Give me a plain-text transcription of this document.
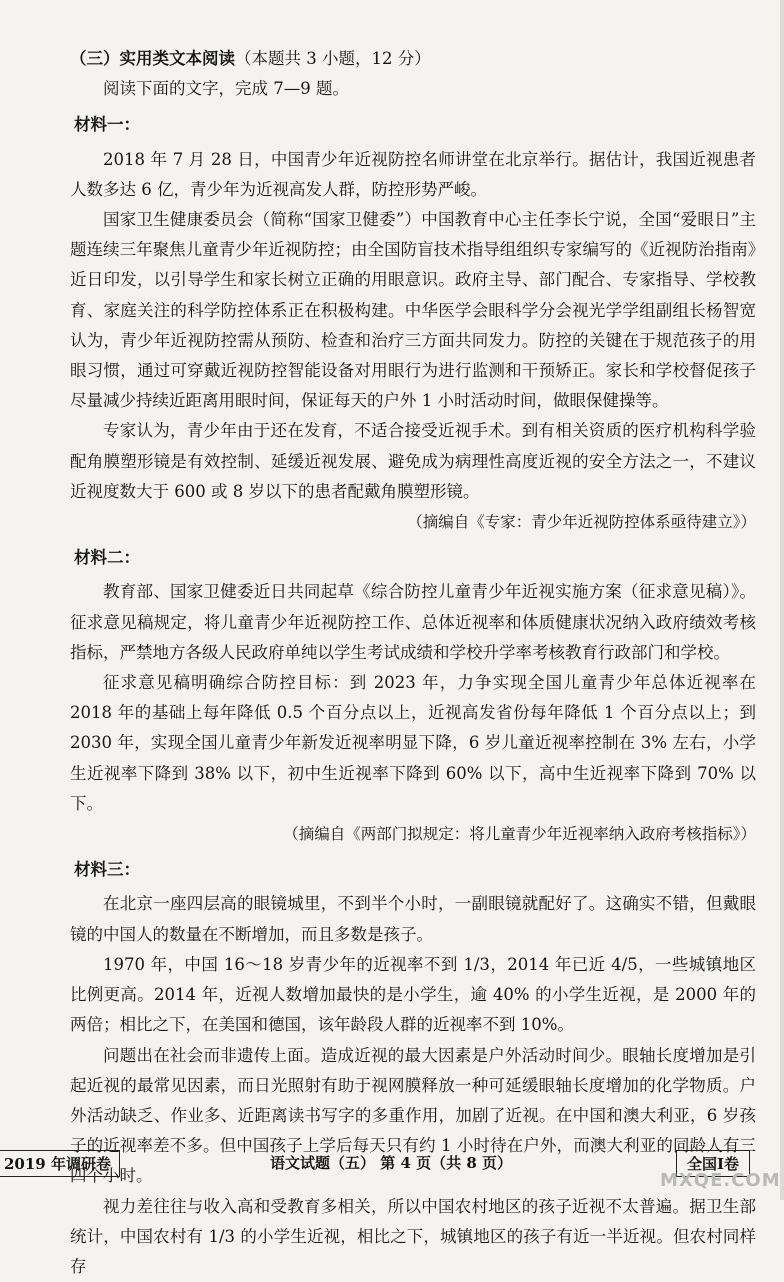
（三）实用类文本阅读（本题共 3 小题，12 分）

阅读下面的文字，完成 7—9 题。

材料一：

2018 年 7 月 28 日，中国青少年近视防控名师讲堂在北京举行。据估计，我国近视患者人数多达 6 亿，青少年为近视高发人群，防控形势严峻。

国家卫生健康委员会（简称“国家卫健委”）中国教育中心主任李长宁说，全国“爱眼日”主题连续三年聚焦儿童青少年近视防控；由全国防盲技术指导组组织专家编写的《近视防治指南》近日印发，以引导学生和家长树立正确的用眼意识。政府主导、部门配合、专家指导、学校教育、家庭关注的科学防控体系正在积极构建。中华医学会眼科学分会视光学学组副组长杨智宽认为，青少年近视防控需从预防、检查和治疗三方面共同发力。防控的关键在于规范孩子的用眼习惯，通过可穿戴近视防控智能设备对用眼行为进行监测和干预矫正。家长和学校督促孩子尽量减少持续近距离用眼时间，保证每天的户外 1 小时活动时间，做眼保健操等。

专家认为，青少年由于还在发育，不适合接受近视手术。到有相关资质的医疗机构科学验配角膜塑形镜是有效控制、延缓近视发展、避免成为病理性高度近视的安全方法之一，不建议近视度数大于 600 或 8 岁以下的患者配戴角膜塑形镜。

（摘编自《专家：青少年近视防控体系亟待建立》）

材料二：

教育部、国家卫健委近日共同起草《综合防控儿童青少年近视实施方案（征求意见稿）》。征求意见稿规定，将儿童青少年近视防控工作、总体近视率和体质健康状况纳入政府绩效考核指标，严禁地方各级人民政府单纯以学生考试成绩和学校升学率考核教育行政部门和学校。

征求意见稿明确综合防控目标：到 2023 年，力争实现全国儿童青少年总体近视率在 2018 年的基础上每年降低 0.5 个百分点以上，近视高发省份每年降低 1 个百分点以上；到 2030 年，实现全国儿童青少年新发近视率明显下降，6 岁儿童近视率控制在 3% 左右，小学生近视率下降到 38% 以下，初中生近视率下降到 60% 以下，高中生近视率下降到 70% 以下。

（摘编自《两部门拟规定：将儿童青少年近视率纳入政府考核指标》）

材料三：

在北京一座四层高的眼镜城里，不到半个小时，一副眼镜就配好了。这确实不错，但戴眼镜的中国人的数量在不断增加，而且多数是孩子。

1970 年，中国 16～18 岁青少年的近视率不到 1/3，2014 年已近 4/5，一些城镇地区比例更高。2014 年，近视人数增加最快的是小学生，逾 40% 的小学生近视，是 2000 年的两倍；相比之下，在美国和德国，该年龄段人群的近视率不到 10%。

问题出在社会而非遗传上面。造成近视的最大因素是户外活动时间少。眼轴长度增加是引起近视的最常见因素，而日光照射有助于视网膜释放一种可延缓眼轴长度增加的化学物质。户外活动缺乏、作业多、近距离读书写字的多重作用，加剧了近视。在中国和澳大利亚，6 岁孩子的近视率差不多。但中国孩子上学后每天只有约 1 小时待在户外，而澳大利亚的同龄人有三四个小时。

视力差往往与收入高和受教育多相关，所以中国农村地区的孩子近视不太普遍。据卫生部统计，中国农村有 1/3 的小学生近视，相比之下，城镇地区的孩子有近一半近视。但农村同样存

2019 年调研卷	语文试题（五） 第 4 页（共 8 页）	全国Ⅰ卷
MXQE.COM
